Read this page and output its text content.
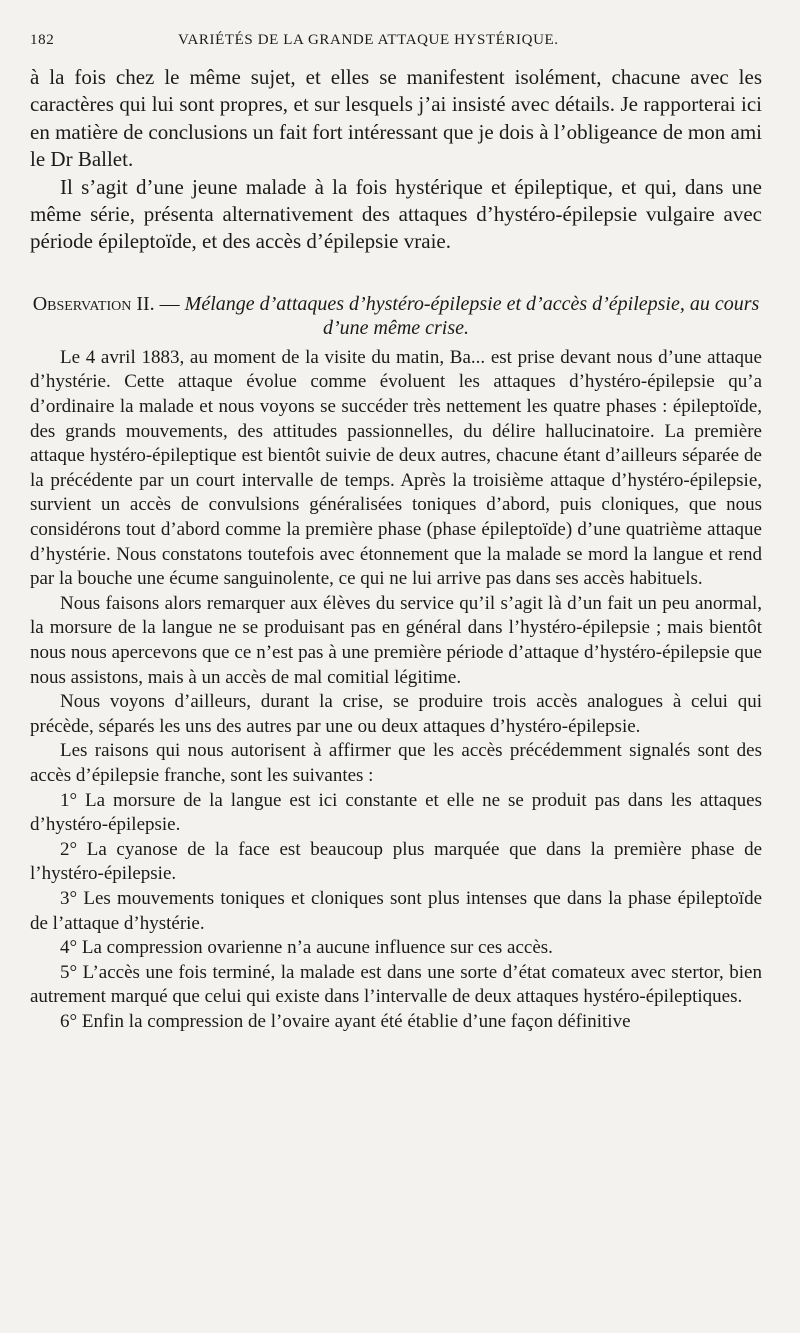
182	VARIÉTÉS DE LA GRANDE ATTAQUE HYSTÉRIQUE.

à la fois chez le même sujet, et elles se manifestent isolément, chacune avec les caractères qui lui sont propres, et sur lesquels j’ai insisté avec détails. Je rapporterai ici en matière de conclusions un fait fort intéressant que je dois à l’obligeance de mon ami le Dr Ballet.

Il s’agit d’une jeune malade à la fois hystérique et épileptique, et qui, dans une même série, présenta alternativement des attaques d’hystéro-épilepsie vulgaire avec période épileptoïde, et des accès d’épilepsie vraie.

Observation II. — Mélange d’attaques d’hystéro-épilepsie et d’accès d’épilepsie, au cours d’une même crise.

Le 4 avril 1883, au moment de la visite du matin, Ba... est prise devant nous d’une attaque d’hystérie. Cette attaque évolue comme évoluent les attaques d’hystéro-épilepsie qu’a d’ordinaire la malade et nous voyons se succéder très nettement les quatre phases : épileptoïde, des grands mouvements, des attitudes passionnelles, du délire hallucinatoire. La première attaque hystéro-épileptique est bientôt suivie de deux autres, chacune étant d’ailleurs séparée de la précédente par un court intervalle de temps. Après la troisième attaque d’hystéro-épilepsie, survient un accès de convulsions généralisées toniques d’abord, puis cloniques, que nous considérons tout d’abord comme la première phase (phase épileptoïde) d’une quatrième attaque d’hystérie. Nous constatons toutefois avec étonnement que la malade se mord la langue et rend par la bouche une écume sanguinolente, ce qui ne lui arrive pas dans ses accès habituels.

Nous faisons alors remarquer aux élèves du service qu’il s’agit là d’un fait un peu anormal, la morsure de la langue ne se produisant pas en général dans l’hystéro-épilepsie ; mais bientôt nous nous apercevons que ce n’est pas à une première période d’attaque d’hystéro-épilepsie que nous assistons, mais à un accès de mal comitial légitime.

Nous voyons d’ailleurs, durant la crise, se produire trois accès analogues à celui qui précède, séparés les uns des autres par une ou deux attaques d’hystéro-épilepsie.

Les raisons qui nous autorisent à affirmer que les accès précédemment signalés sont des accès d’épilepsie franche, sont les suivantes :

1° La morsure de la langue est ici constante et elle ne se produit pas dans les attaques d’hystéro-épilepsie.

2° La cyanose de la face est beaucoup plus marquée que dans la première phase de l’hystéro-épilepsie.

3° Les mouvements toniques et cloniques sont plus intenses que dans la phase épileptoïde de l’attaque d’hystérie.

4° La compression ovarienne n’a aucune influence sur ces accès.

5° L’accès une fois terminé, la malade est dans une sorte d’état comateux avec stertor, bien autrement marqué que celui qui existe dans l’intervalle de deux attaques hystéro-épileptiques.

6° Enfin la compression de l’ovaire ayant été établie d’une façon définitive
